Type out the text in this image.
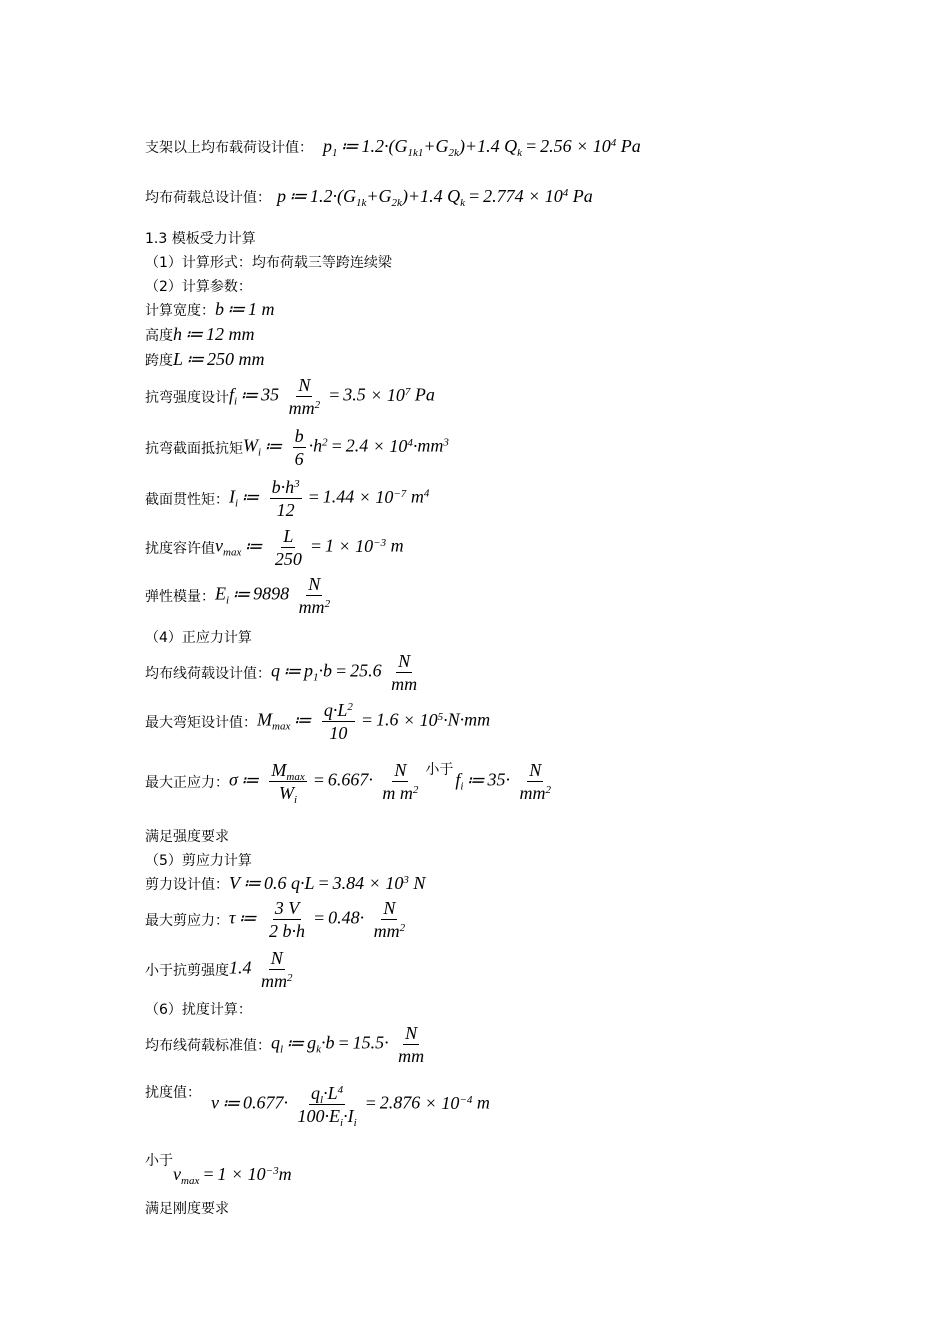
支架以上均布载荷设计值： $p_1$ ≔ $1.2\cdot(G_{1k1}+G_{2k})+1.4$ $Q_k = 2.56 \times 10^4$ Pa
均布荷载总设计值： p ≔ $1.2\cdot(G_{1k}+G_{2k})+1.4$ $Q_k = 2.774 \times 10^4$ Pa
1.3 模板受力计算
（1）计算形式：均布荷载三等跨连续梁
（2）计算参数：
计算宽度： b ≔ 1 m
高度 h ≔ 12 mm
跨度 L ≔ 250 mm
抗弯强度设计 $f_i$ ≔ $35 \frac{N}{mm^2} = 3.5 \times 10^7$ Pa
抗弯截面抵抗矩 $W_i$ ≔ $\frac{b}{6} \cdot h^2 = 2.4 \times 10^4\cdot mm^3$
截面贯性矩： $I_i$ ≔ $\frac{b\cdot h^3}{12} = 1.44 \times 10^{-7}$ $m^4$
扰度容许值 $v_{max}$ ≔ $\frac{L}{250} = 1 \times 10^{-3}$ m
弹性模量： $E_i$ ≔ $9898 \frac{N}{mm^2}$
（4）正应力计算
均布线荷载设计值： q ≔ $p_1\cdot b = 25.6 \frac{N}{mm}$
最大弯矩设计值： $M_{max}$ ≔ $\frac{q\cdot L^2}{10} = 1.6 \times 10^5\cdot N\cdot mm$
最大正应力： σ ≔ $\frac{M_{max}}{W_i} = 6.667\cdot \frac{N}{m m^2}$ 小于 $f_i$ ≔ $35\cdot \frac{N}{mm^2}$
满足强度要求
（5）剪应力计算
剪力设计值： V ≔ 0.6 $q\cdot L = 3.84 \times 10^3$ N
最大剪应力： τ ≔ $\frac{3 V}{2 b\cdot h} = 0.48\cdot \frac{N}{mm^2}$
小于抗剪强度 $1.4 \frac{N}{mm^2}$
（6）扰度计算：
均布线荷载标准值： $q_l$ ≔ $g_k\cdot b = 15.5\cdot \frac{N}{mm}$
扰度值： v ≔ $0.677\cdot \frac{q_l\cdot L^4}{100\cdot E_i\cdot I_i} = 2.876 \times 10^{-4}$ m
小于
$v_{max} = 1 \times 10^{-3}m$
满足刚度要求
